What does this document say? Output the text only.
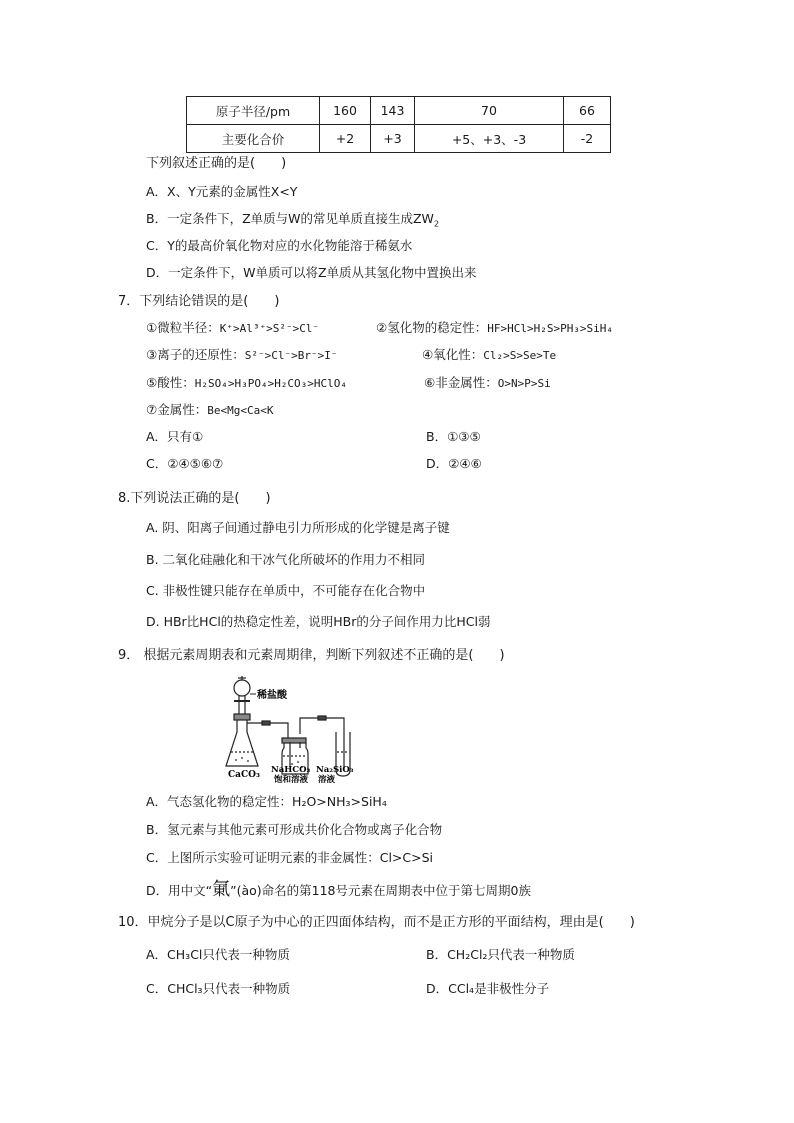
原子半径/pm	160	143	70	66
主要化合价	+2	+3	+5、+3、-3	-2
下列叙述正确的是(　　)
A．X、Y元素的金属性X<Y
B．一定条件下，Z单质与W的常见单质直接生成$ZW_2$
C．Y的最高价氧化物对应的水化物能溶于稀氨水
D．一定条件下，W单质可以将Z单质从其氢化物中置换出来
7．下列结论错误的是(　　)
①微粒半径：K⁺>Al³⁺>S²⁻>Cl⁻	②氢化物的稳定性：HF>HCl>H₂S>PH₃>SiH₄
③离子的还原性：S²⁻>Cl⁻>Br⁻>I⁻	④氧化性：Cl₂>S>Se>Te
⑤酸性：H₂SO₄>H₃PO₄>H₂CO₃>HClO₄	⑥非金属性：O>N>P>Si
⑦金属性：Be<Mg<Ca<K
A．只有①	B．①③⑤
C．②④⑤⑥⑦	D．②④⑥
8.下列说法正确的是(　　)
A. 阴、阳离子间通过静电引力所形成的化学键是离子键
B. 二氧化硅融化和干冰气化所破坏的作用力不相同
C. 非极性键只能存在单质中，不可能存在化合物中
D. HBr比HCl的热稳定性差，说明HBr的分子间作用力比HCl弱
9． 根据元素周期表和元素周期律，判断下列叙述不正确的是(　　)
稀盐酸
CaCO₃ NaHCO₃ Na₂SiO₃
饱和溶液 溶液
A．气态氢化物的稳定性：H₂O>NH₃>SiH₄
B．氢元素与其他元素可形成共价化合物或离子化合物
C．上图所示实验可证明元素的非金属性：Cl>C>Si
D．用中文“氭”(ào)命名的第118号元素在周期表中位于第七周期0族
10．甲烷分子是以C原子为中心的正四面体结构，而不是正方形的平面结构，理由是(　　)
A．CH₃Cl只代表一种物质	B．CH₂Cl₂只代表一种物质
C．CHCl₃只代表一种物质	D．CCl₄是非极性分子
